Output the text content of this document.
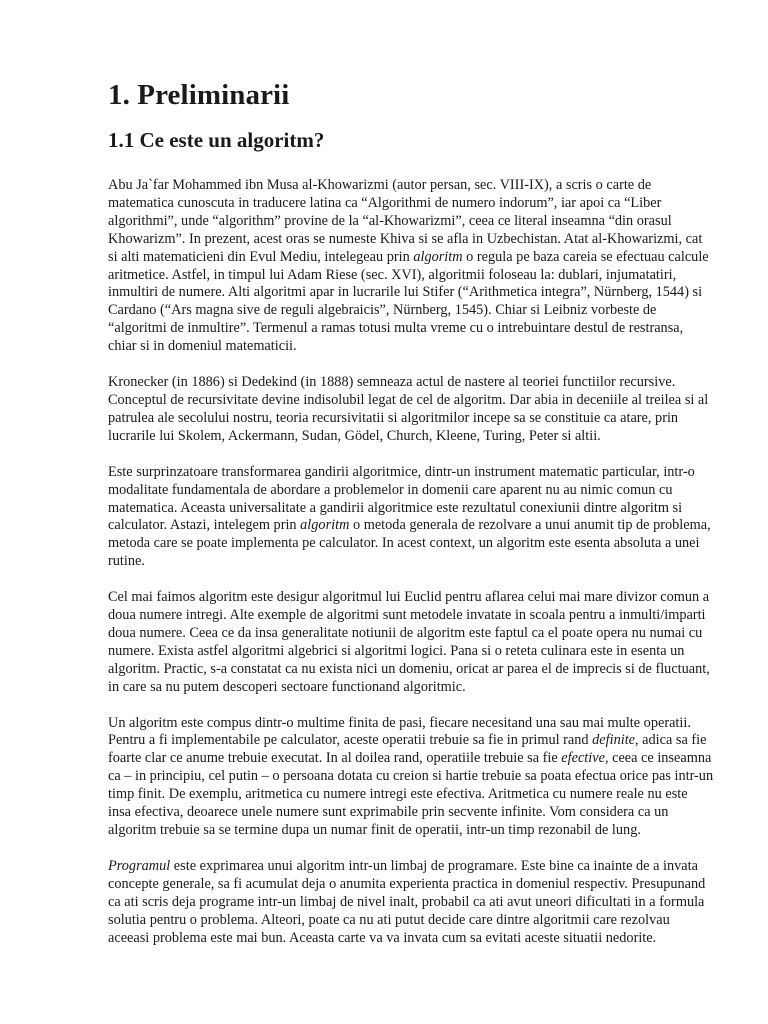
1. Preliminarii
1.1 Ce este un algoritm?

Abu Ja`far Mohammed ibn Musa al-Khowarizmi (autor persan, sec. VIII-IX), a scris o carte de matematica cunoscuta in traducere latina ca “Algorithmi de numero indorum”, iar apoi ca “Liber algorithmi”, unde “algorithm” provine de la “al-Khowarizmi”, ceea ce literal inseamna “din orasul Khowarizm”. In prezent, acest oras se numeste Khiva si se afla in Uzbechistan. Atat al-Khowarizmi, cat si alti matematicieni din Evul Mediu, intelegeau prin algoritm o regula pe baza careia se efectuau calcule aritmetice. Astfel, in timpul lui Adam Riese (sec. XVI), algoritmii foloseau la: dublari, injumatatiri, inmultiri de numere. Alti algoritmi apar in lucrarile lui Stifer (“Arithmetica integra”, Nürnberg, 1544) si Cardano (“Ars magna sive de reguli algebraicis”, Nürnberg, 1545). Chiar si Leibniz vorbeste de “algoritmi de inmultire”. Termenul a ramas totusi multa vreme cu o intrebuintare destul de restransa, chiar si in domeniul matematicii.

Kronecker (in 1886) si Dedekind (in 1888) semneaza actul de nastere al teoriei functiilor recursive. Conceptul de recursivitate devine indisolubil legat de cel de algoritm. Dar abia in deceniile al treilea si al patrulea ale secolului nostru, teoria recursivitatii si algoritmilor incepe sa se constituie ca atare, prin lucrarile lui Skolem, Ackermann, Sudan, Gödel, Church, Kleene, Turing, Peter si altii.

Este surprinzatoare transformarea gandirii algoritmice, dintr-un instrument matematic particular, intr-o modalitate fundamentala de abordare a problemelor in domenii care aparent nu au nimic comun cu matematica. Aceasta universalitate a gandirii algoritmice este rezultatul conexiunii dintre algoritm si calculator. Astazi, intelegem prin algoritm o metoda generala de rezolvare a unui anumit tip de problema, metoda care se poate implementa pe calculator. In acest context, un algoritm este esenta absoluta a unei rutine.

Cel mai faimos algoritm este desigur algoritmul lui Euclid pentru aflarea celui mai mare divizor comun a doua numere intregi. Alte exemple de algoritmi sunt metodele invatate in scoala pentru a inmulti/imparti doua numere. Ceea ce da insa generalitate notiunii de algoritm este faptul ca el poate opera nu numai cu numere. Exista astfel algoritmi algebrici si algoritmi logici. Pana si o reteta culinara este in esenta un algoritm. Practic, s-a constatat ca nu exista nici un domeniu, oricat ar parea el de imprecis si de fluctuant, in care sa nu putem descoperi sectoare functionand algoritmic.

Un algoritm este compus dintr-o multime finita de pasi, fiecare necesitand una sau mai multe operatii. Pentru a fi implementabile pe calculator, aceste operatii trebuie sa fie in primul rand definite, adica sa fie foarte clar ce anume trebuie executat. In al doilea rand, operatiile trebuie sa fie efective, ceea ce inseamna ca – in principiu, cel putin – o persoana dotata cu creion si hartie trebuie sa poata efectua orice pas intr-un timp finit. De exemplu, aritmetica cu numere intregi este efectiva. Aritmetica cu numere reale nu este insa efectiva, deoarece unele numere sunt exprimabile prin secvente infinite. Vom considera ca un algoritm trebuie sa se termine dupa un numar finit de operatii, intr-un timp rezonabil de lung.

Programul este exprimarea unui algoritm intr-un limbaj de programare. Este bine ca inainte de a invata concepte generale, sa fi acumulat deja o anumita experienta practica in domeniul respectiv. Presupunand ca ati scris deja programe intr-un limbaj de nivel inalt, probabil ca ati avut uneori dificultati in a formula solutia pentru o problema. Alteori, poate ca nu ati putut decide care dintre algoritmii care rezolvau aceeasi problema este mai bun. Aceasta carte va va invata cum sa evitati aceste situatii nedorite.
